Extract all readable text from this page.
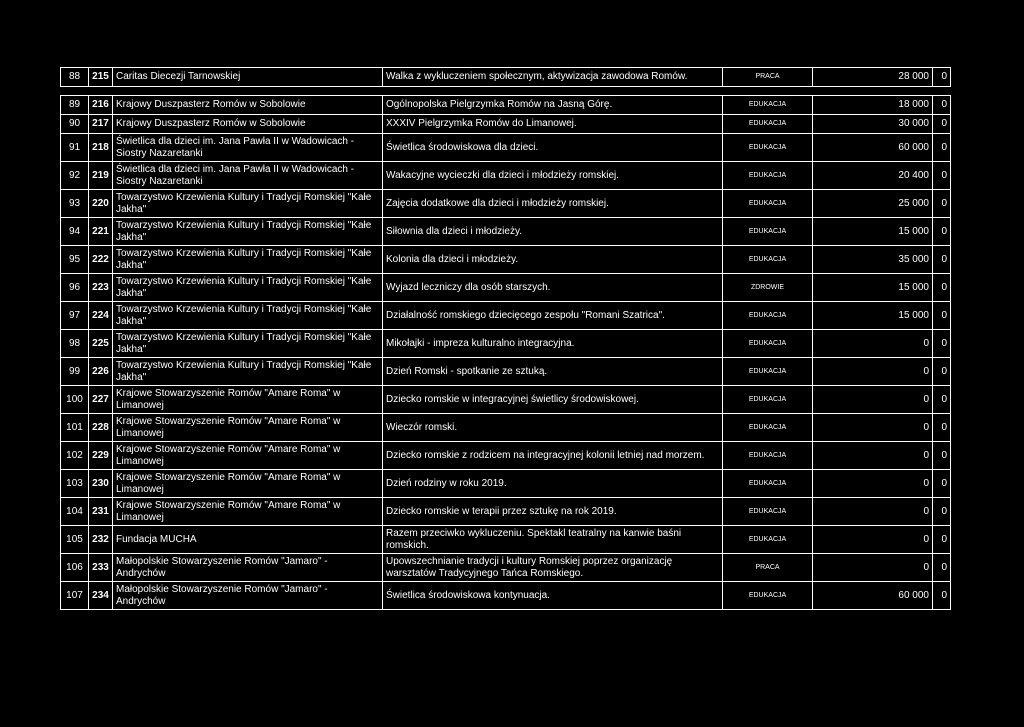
88	215	Caritas Diecezji Tarnowskiej	Walka z wykluczeniem społecznym, aktywizacja zawodowa Romów.	PRACA	28 000	0

89	216	Krajowy Duszpasterz Romów w Sobolowie	Ogólnopolska Pielgrzymka Romów na Jasną Górę.	EDUKACJA	18 000	0
90	217	Krajowy Duszpasterz Romów w Sobolowie	XXXIV Pielgrzymka Romów do Limanowej.	EDUKACJA	30 000	0
91	218	Świetlica dla dzieci im. Jana Pawła II w Wadowicach - Siostry Nazaretanki	Świetlica środowiskowa dla dzieci.	EDUKACJA	60 000	0
92	219	Świetlica dla dzieci im. Jana Pawła II w Wadowicach - Siostry Nazaretanki	Wakacyjne wycieczki dla dzieci i młodzieży romskiej.	EDUKACJA	20 400	0
93	220	Towarzystwo Krzewienia Kultury i Tradycji Romskiej "Kałe Jakha"	Zajęcia dodatkowe dla dzieci i młodzieży romskiej.	EDUKACJA	25 000	0
94	221	Towarzystwo Krzewienia Kultury i Tradycji Romskiej "Kałe Jakha"	Siłownia dla dzieci i młodzieży.	EDUKACJA	15 000	0
95	222	Towarzystwo Krzewienia Kultury i Tradycji Romskiej "Kałe Jakha"	Kolonia dla dzieci i młodzieży.	EDUKACJA	35 000	0
96	223	Towarzystwo Krzewienia Kultury i Tradycji Romskiej "Kałe Jakha"	Wyjazd leczniczy dla osób starszych.	ZDROWIE	15 000	0
97	224	Towarzystwo Krzewienia Kultury i Tradycji Romskiej "Kałe Jakha"	Działalność romskiego dziecięcego zespołu "Romani Szatrica".	EDUKACJA	15 000	0
98	225	Towarzystwo Krzewienia Kultury i Tradycji Romskiej "Kałe Jakha"	Mikołajki - impreza kulturalno integracyjna.	EDUKACJA	0	0
99	226	Towarzystwo Krzewienia Kultury i Tradycji Romskiej "Kałe Jakha"	Dzień Romski - spotkanie ze sztuką.	EDUKACJA	0	0
100	227	Krajowe Stowarzyszenie Romów "Amare Roma" w Limanowej	Dziecko romskie w integracyjnej świetlicy środowiskowej.	EDUKACJA	0	0
101	228	Krajowe Stowarzyszenie Romów "Amare Roma" w Limanowej	Wieczór romski.	EDUKACJA	0	0
102	229	Krajowe Stowarzyszenie Romów "Amare Roma" w Limanowej	Dziecko romskie z rodzicem na integracyjnej kolonii letniej nad morzem.	EDUKACJA	0	0
103	230	Krajowe Stowarzyszenie Romów "Amare Roma" w Limanowej	Dzień rodziny w roku 2019.	EDUKACJA	0	0
104	231	Krajowe Stowarzyszenie Romów "Amare Roma" w Limanowej	Dziecko romskie w terapii przez sztukę na rok 2019.	EDUKACJA	0	0
105	232	Fundacja MUCHA	Razem przeciwko wykluczeniu. Spektakl teatralny na kanwie baśni romskich.	EDUKACJA	0	0
106	233	Małopolskie Stowarzyszenie Romów "Jamaro" - Andrychów	Upowszechnianie tradycji i kultury Romskiej poprzez organizację warsztatów Tradycyjnego Tańca Romskiego.	PRACA	0	0
107	234	Małopolskie Stowarzyszenie Romów "Jamaro" - Andrychów	Świetlica środowiskowa kontynuacja.	EDUKACJA	60 000	0
